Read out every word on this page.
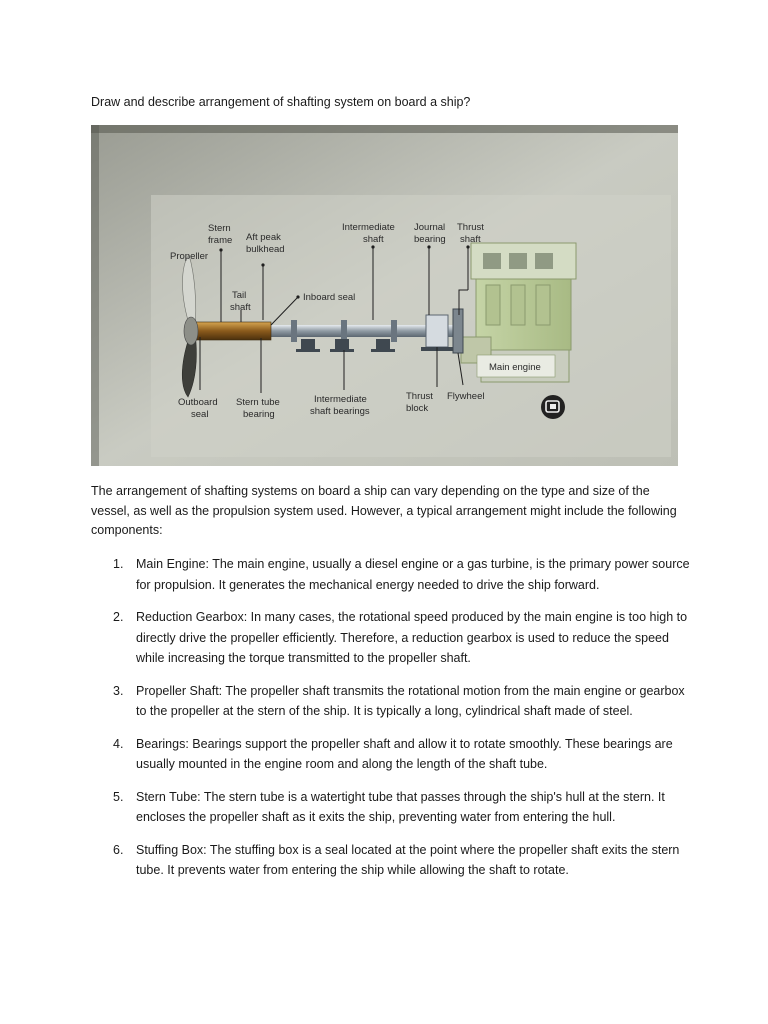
Draw and describe arrangement of shafting system on board a ship?

Stern
frame Aft peak
bulkhead
Propeller
Intermediate
shaft
Journal
bearing
Thrust
shaft
Tail
shaft
Inboard seal
Main engine
Outboard
seal
Stern tube
bearing
Intermediate
shaft bearings
Thrust
block
Flywheel

The arrangement of shafting systems on board a ship can vary depending on the type and size of the vessel, as well as the propulsion system used. However, a typical arrangement might include the following components:

1. Main Engine: The main engine, usually a diesel engine or a gas turbine, is the primary power source for propulsion. It generates the mechanical energy needed to drive the ship forward.
2. Reduction Gearbox: In many cases, the rotational speed produced by the main engine is too high to directly drive the propeller efficiently. Therefore, a reduction gearbox is used to reduce the speed while increasing the torque transmitted to the propeller shaft.
3. Propeller Shaft: The propeller shaft transmits the rotational motion from the main engine or gearbox to the propeller at the stern of the ship. It is typically a long, cylindrical shaft made of steel.
4. Bearings: Bearings support the propeller shaft and allow it to rotate smoothly. These bearings are usually mounted in the engine room and along the length of the shaft tube.
5. Stern Tube: The stern tube is a watertight tube that passes through the ship's hull at the stern. It encloses the propeller shaft as it exits the ship, preventing water from entering the hull.
6. Stuffing Box: The stuffing box is a seal located at the point where the propeller shaft exits the stern tube. It prevents water from entering the ship while allowing the shaft to rotate.
